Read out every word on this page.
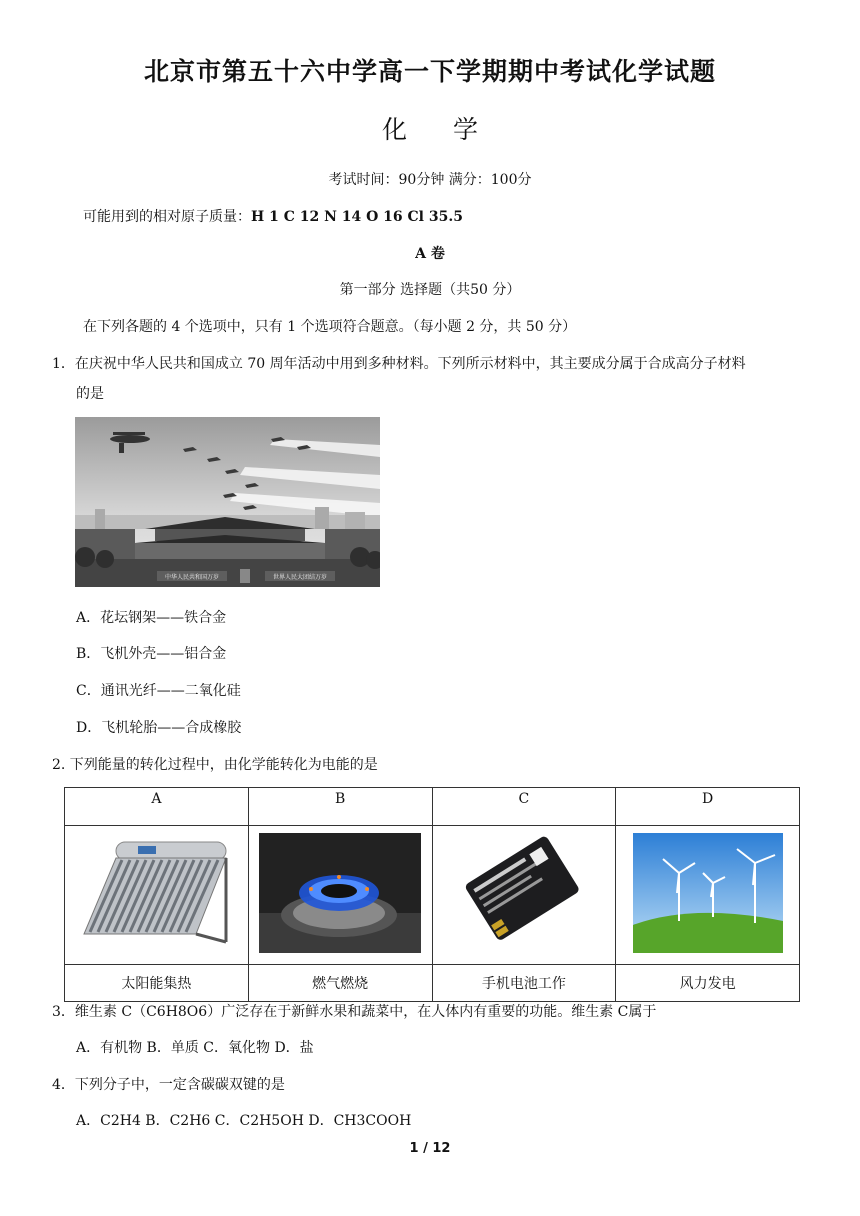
北京市第五十六中学高一下学期期中考试化学试题
化 学
考试时间：90分钟 满分：100分
可能用到的相对原子质量：H 1 C 12 N 14 O 16 Cl 35.5
A 卷
第一部分 选择题（共50 分）
在下列各题的 4 个选项中，只有 1 个选项符合题意。（每小题 2 分，共 50 分）
1．在庆祝中华人民共和国成立 70 周年活动中用到多种材料。下列所示材料中，其主要成分属于合成高分子材料
的是
中华人民共和国万岁	世界人民大团结万岁
A．花坛钢架——铁合金
B．飞机外壳——铝合金
C．通讯光纤——二氧化硅
D．飞机轮胎——合成橡胶
2. 下列能量的转化过程中，由化学能转化为电能的是
A	B	C	D

太阳能集热	燃气燃烧	手机电池工作	风力发电
3．维生素 C（C6H8O6）广泛存在于新鲜水果和蔬菜中，在人体内有重要的功能。维生素 C属于
A．有机物 B．单质 C．氧化物 D．盐
4．下列分子中，一定含碳碳双键的是
A．C2H4 B．C2H6 C．C2H5OH D．CH3COOH
1 / 12
